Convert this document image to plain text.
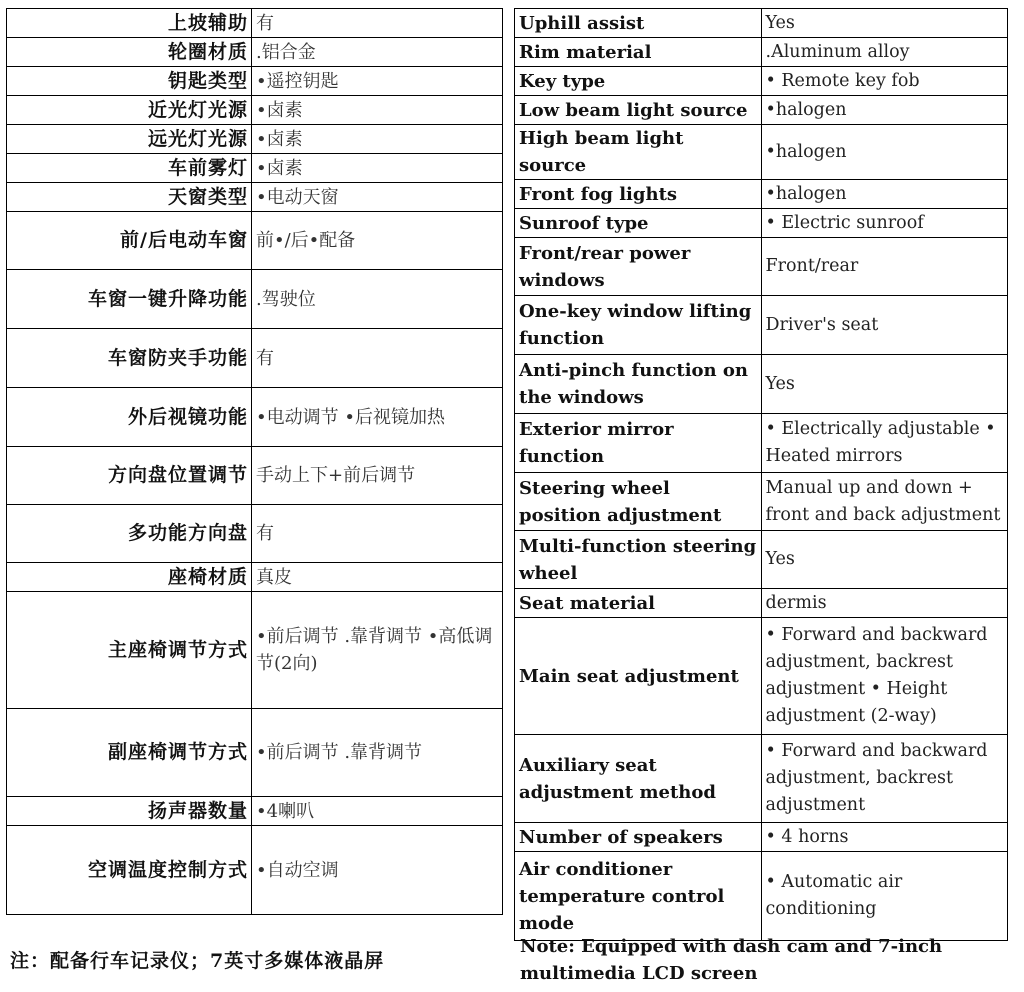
上坡辅助	有
轮圈材质	.铝合金
钥匙类型	•遥控钥匙
近光灯光源	•卤素
远光灯光源	•卤素
车前雾灯	•卤素
天窗类型	•电动天窗
前/后电动车窗	前•/后•配备
车窗一键升降功能	.驾驶位
车窗防夹手功能	有
外后视镜功能	•电动调节 •后视镜加热
方向盘位置调节	手动上下+前后调节
多功能方向盘	有
座椅材质	真皮
主座椅调节方式	•前后调节 .靠背调节 •高低调节(2向)
副座椅调节方式	•前后调节 .靠背调节
扬声器数量	•4喇叭
空调温度控制方式	•自动空调
Uphill assist	Yes
Rim material	.Aluminum alloy
Key type	• Remote key fob
Low beam light source	•halogen
High beam light source	•halogen
Front fog lights	•halogen
Sunroof type	• Electric sunroof
Front/rear power windows	Front/rear
One-key window lifting function	Driver's seat
Anti-pinch function on the windows	Yes
Exterior mirror function	• Electrically adjustable • Heated mirrors
Steering wheel position adjustment	Manual up and down + front and back adjustment
Multi-function steering wheel	Yes
Seat material	dermis
Main seat adjustment	• Forward and backward adjustment, backrest adjustment • Height adjustment (2-way)
Auxiliary seat adjustment method	• Forward and backward adjustment, backrest adjustment
Number of speakers	• 4 horns
Air conditioner temperature control mode	• Automatic air conditioning
注：配备行车记录仪；7英寸多媒体液晶屏
Note: Equipped with dash cam and 7-inch multimedia LCD screen
